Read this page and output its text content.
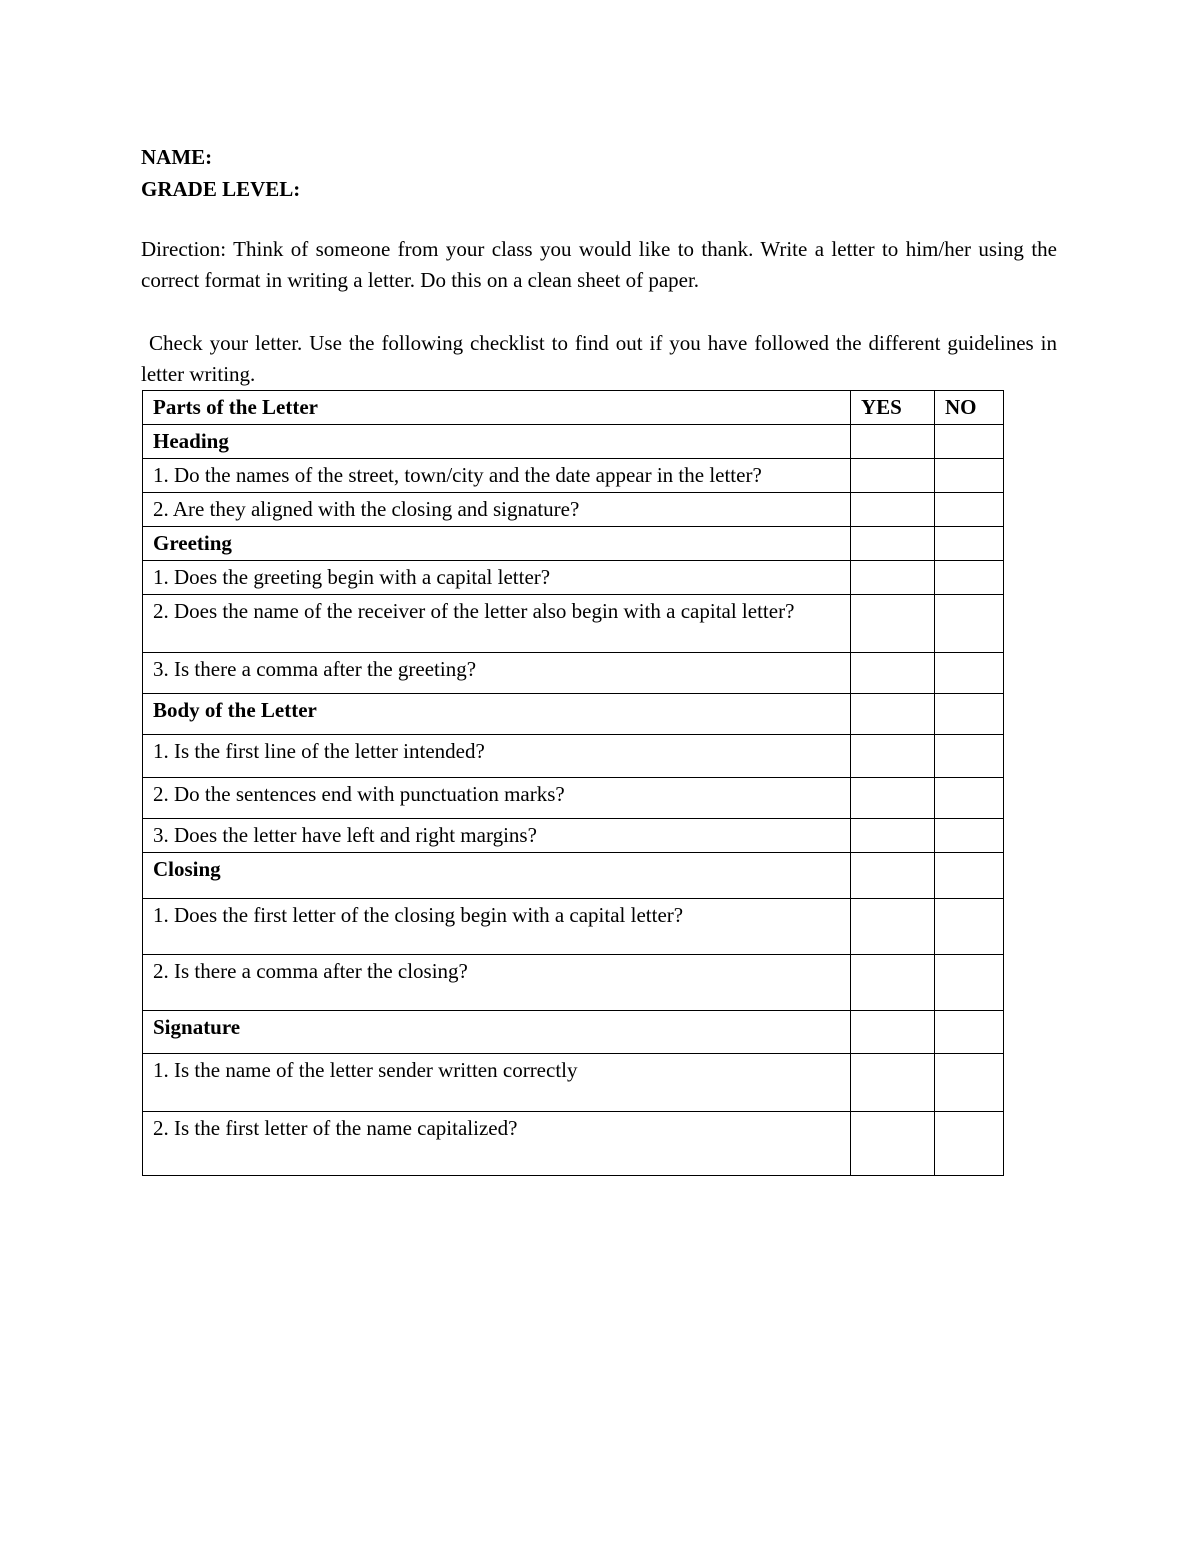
NAME:
GRADE LEVEL:
Direction: Think of someone from your class you would like to thank. Write a letter to him/her using the correct format in writing a letter. Do this on a clean sheet of paper.
Check your letter. Use the following checklist to find out if you have followed the different guidelines in letter writing.
Parts of the Letter	YES	NO
Heading		
1. Do the names of the street, town/city and the date appear in the letter?		
2. Are they aligned with the closing and signature?		
Greeting		
1. Does the greeting begin with a capital letter?		
2. Does the name of the receiver of the letter also begin with a capital letter?		
3. Is there a comma after the greeting?		
Body of the Letter		
1. Is the first line of the letter intended?		
2. Do the sentences end with punctuation marks?		
3. Does the letter have left and right margins?		
Closing		
1. Does the first letter of the closing begin with a capital letter?		
2. Is there a comma after the closing?		
Signature		
1. Is the name of the letter sender written correctly		
2. Is the first letter of the name capitalized?		
